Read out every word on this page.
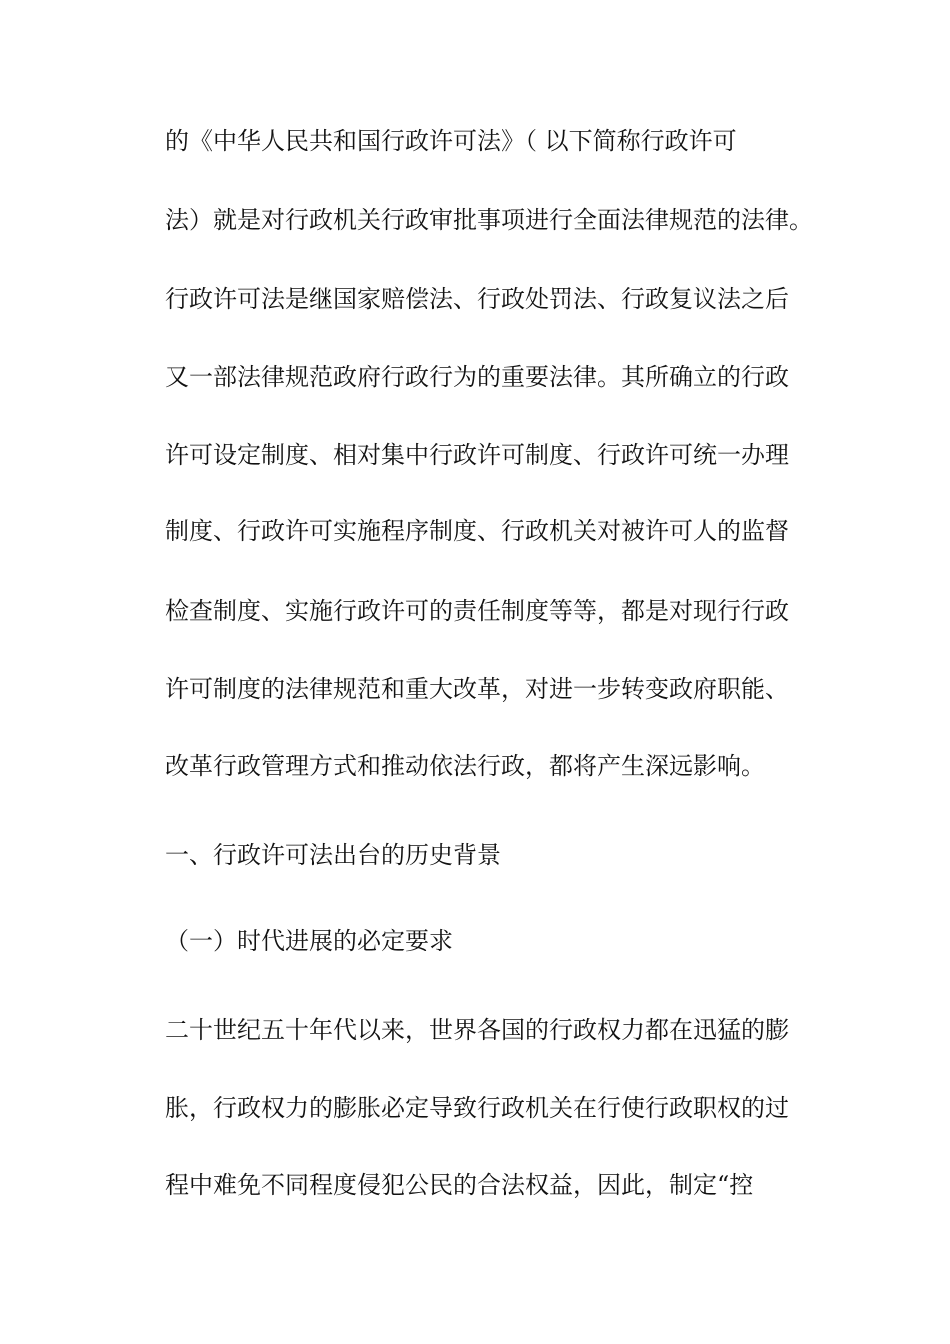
的《中华人民共和国行政许可法》（ 以下简称行政许可
法）就是对行政机关行政审批事项进行全面法律规范的法律。
行政许可法是继国家赔偿法、行政处罚法、行政复议法之后
又一部法律规范政府行政行为的重要法律。其所确立的行政
许可设定制度、相对集中行政许可制度、行政许可统一办理
制度、行政许可实施程序制度、行政机关对被许可人的监督
检查制度、实施行政许可的责任制度等等，都是对现行行政
许可制度的法律规范和重大改革，对进一步转变政府职能、
改革行政管理方式和推动依法行政，都将产生深远影响。
一、行政许可法出台的历史背景
（一）时代进展的必定要求
二十世纪五十年代以来，世界各国的行政权力都在迅猛的膨
胀，行政权力的膨胀必定导致行政机关在行使行政职权的过
程中难免不同程度侵犯公民的合法权益，因此，制定“控
